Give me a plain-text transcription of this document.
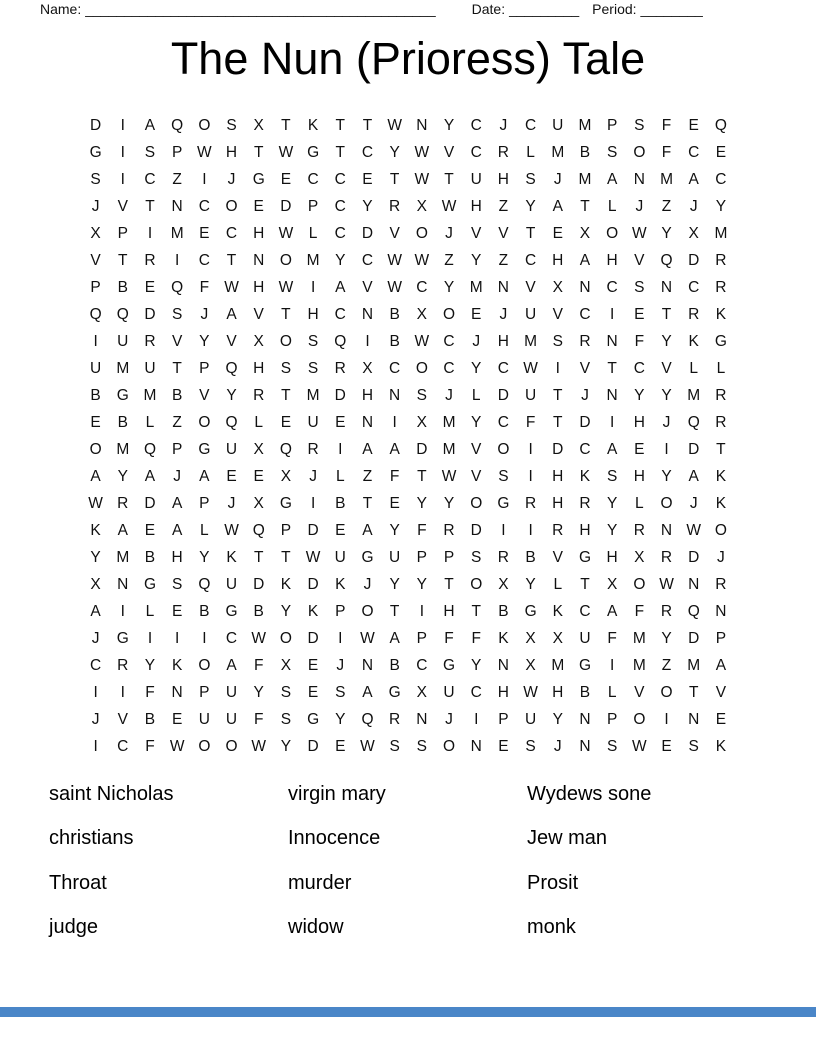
Name: _____________________________________________	Date: _________ Period: ________
The Nun (Prioress) Tale
D	I	A	Q O	S	X	T	K	T	T W N	Y	C	J	C	U M	P	S	F	E	Q
G	I	S	P W H	T W G	T	C	Y W V	C	R	L	M	B	S	O	F	C	E
S	I	C	Z	I	J	G	E	C	C	E	T W T	U	H	S	J	M	A	N M	A	C
J	V	T	N	C	O	E	D	P	C	Y	R	X W H	Z	Y	A	T	L	J	Z	J	Y
X	P	I	M	E	C	H W	L	C	D	V	O	J	V	V	T	E	X	O W Y	X	M
V	T	R	I	C	T	N	O M	Y	C W W Z	Y	Z	C	H	A	H	V	Q	D	R
P	B	E	Q	F W H W	I	A	V W C	Y	M N	V	X	N	C	S	N	C	R
Q Q	D	S	J	A	V	T	H	C	N	B	X	O	E	J	U	V	C	I	E	T	R	K
I	U	R	V	Y	V	X	O	S	Q	I	B W C	J	H M	S	R	N	F	Y	K	G
U M U	T	P	Q	H	S	S	R	X	C	O	C	Y	C W	I	V	T	C	V	L	L
B	G M	B	V	Y	R	T	M D	H	N	S	J	L	D	U	T	J	N	Y	Y	M R
E	B	L	Z	O Q	L	E	U	E	N	I	X	M	Y	C	F	T	D	I	H	J	Q	R
O M Q	P	G	U	X	Q	R	I	A	A	D M	V	O	I	D	C	A	E	I	D	T
A	Y	A	J	A	E	E	X	J	L	Z	F	T W V	S	I	H	K	S	H	Y	A	K
W R	D	A	P	J	X	G	I	B	T	E	Y	Y	O G	R	H	R	Y	L	O	J	K
K	A	E	A	L	W Q	P	D	E	A	Y	F	R	D	I	I	R	H	Y	R	N W O
Y	M	B	H	Y	K	T	T W U	G	U	P	P	S	R	B	V	G	H	X	R	D	J
X	N	G	S	Q	U	D	K	D	K	J	Y	Y	T	O	X	Y	L	T	X	O W N	R
A	I	L	E	B	G	B	Y	K	P	O	T	I	H	T	B	G	K	C	A	F	R	Q	N
J	G	I	I	I	C W O	D	I	W A	P	F	F	K	X	X	U	F	M	Y	D	P
C	R	Y	K	O	A	F	X	E	J	N	B	C	G	Y	N	X	M G	I	M	Z	M	A
I	I	F	N	P	U	Y	S	E	S	A	G	X	U	C	H W H	B	L	V	O	T	V
J	V	B	E	U	U	F	S	G	Y	Q	R	N	J	I	P	U	Y	N	P	O	I	N	E
I	C	F W O O W Y	D	E W S	S	O	N	E	S	J	N	S W E	S	K
saint Nicholas
christians
Throat
judge
virgin mary
Innocence
murder
widow
Wydews sone
Jew man
Prosit
monk
